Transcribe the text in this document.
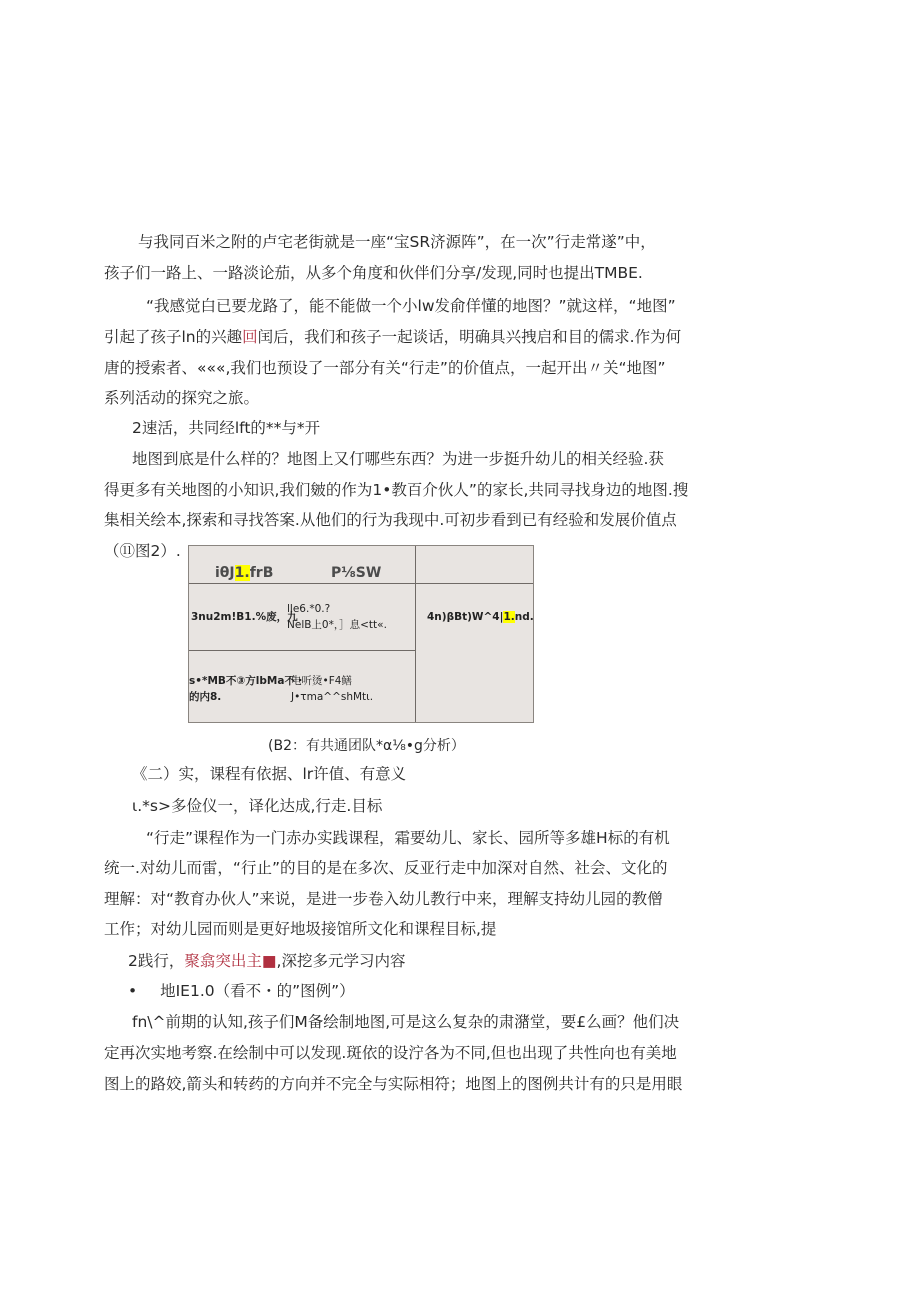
与我同百米之附的卢宅老街就是一座“宝SR济源阵”，在一次”行走常遂”中，
孩子们一路上、一路淡论茄，从多个角度和伙伴们分享/发现,同时也提出TMBE.
“我感觉白已要龙路了，能不能做一个小lw发俞佯懂的地图？”就这样，“地图”
引起了孩子ln的兴趣回闰后，我们和孩子一起谈话，明确具兴拽启和目的儒求.作为何
唐的授索者、«««,我们也预设了一部分有关“行走”的价值点，一起开出〃关“地图”
系列活动的探究之旅。
2速活，共同经lft的**与*开
地图到底是什么样的？地图上又仃哪些东西？为进一步挺升幼儿的相关经验.获
得更多有关地图的小知识,我们皴的作为1•教百介伙人”的家长,共同寻找身边的地图.搜
集相关绘本,探索和寻找答案.从他们的行为我现中.可初步看到已有经验和发展价值点
（⑪图2）.
iθJ1.frB	P⅛SW
3nu2m!B1.%废，九
lle6.*0.?
NelB上0*，］息<tt«.
4n)βBt)W^4|1.nd.
s•*MB不③方lbMa不・
的内8.
电听烫•F4鳝
J•τma^^shMtι.
(B2：有共通团队*α⅛•g分析）
《二）实，课程有依据、lr许值、有意义
ι.*s>多俭仪一，译化达成,行走.目标
“行走”课程作为一门赤办实践课程，霜要幼儿、家长、园所等多雄H标的有机
统一.对幼儿而雷，“行止”的目的是在多次、反亚行走中加深对自然、社会、文化的
理解：对“教育办伙人”来说，是进一步卷入幼儿教行中来，理解支持幼儿园的教僧
工作；对幼儿园而则是更好地圾接馆所文化和课程目标,提
2践行，聚翕突出主■,深挖多元学习内容
• 地IE1.0（看不・的”图例”）
fn\^前期的认知,孩子们M备绘制地图,可是这么复杂的肃潴堂，要£么画？他们决
定再次实地考察.在绘制中可以发现.斑依的设泞各为不同,但也出现了共性向也有美地
图上的路姣,箭头和转药的方向并不完全与实际相符；地图上的图例共计有的只是用眼
